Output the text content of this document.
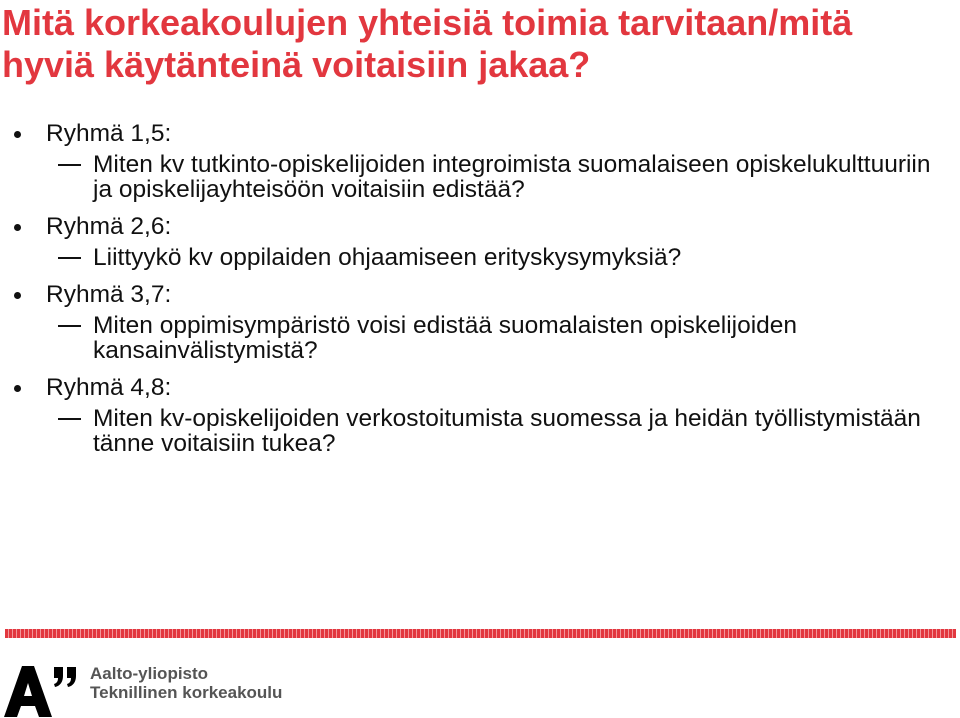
Mitä korkeakoulujen yhteisiä toimia tarvitaan/mitä hyviä käytänteinä voitaisiin jakaa?
Ryhmä 1,5:
Miten kv tutkinto-opiskelijoiden integroimista suomalaiseen opiskelukulttuuriin ja opiskelijayhteisöön voitaisiin edistää?
Ryhmä 2,6:
Liittyykö kv oppilaiden ohjaamiseen erityskysymyksiä?
Ryhmä 3,7:
Miten oppimisympäristö voisi edistää suomalaisten opiskelijoiden kansainvälistymistä?
Ryhmä 4,8:
Miten kv-opiskelijoiden verkostoitumista suomessa ja heidän työllistymistään tänne voitaisiin tukea?
Aalto-yliopisto
Teknillinen korkeakoulu
